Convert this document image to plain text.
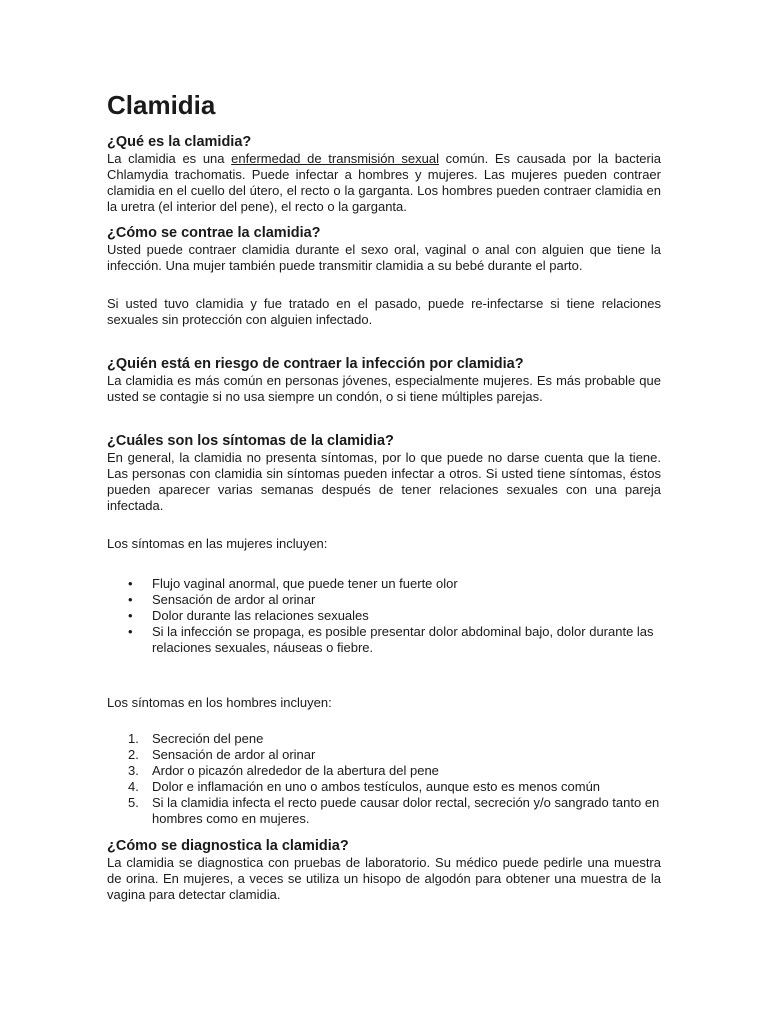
Clamidia
¿Qué es la clamidia?

La clamidia es una enfermedad de transmisión sexual común. Es causada por la bacteria Chlamydia trachomatis. Puede infectar a hombres y mujeres. Las mujeres pueden contraer clamidia en el cuello del útero, el recto o la garganta. Los hombres pueden contraer clamidia en la uretra (el interior del pene), el recto o la garganta.

¿Cómo se contrae la clamidia?

Usted puede contraer clamidia durante el sexo oral, vaginal o anal con alguien que tiene la infección. Una mujer también puede transmitir clamidia a su bebé durante el parto.

Si usted tuvo clamidia y fue tratado en el pasado, puede re-infectarse si tiene relaciones sexuales sin protección con alguien infectado.

¿Quién está en riesgo de contraer la infección por clamidia?

La clamidia es más común en personas jóvenes, especialmente mujeres. Es más probable que usted se contagie si no usa siempre un condón, o si tiene múltiples parejas.

¿Cuáles son los síntomas de la clamidia?

En general, la clamidia no presenta síntomas, por lo que puede no darse cuenta que la tiene. Las personas con clamidia sin síntomas pueden infectar a otros. Si usted tiene síntomas, éstos pueden aparecer varias semanas después de tener relaciones sexuales con una pareja infectada.

Los síntomas en las mujeres incluyen:

• Flujo vaginal anormal, que puede tener un fuerte olor
• Sensación de ardor al orinar
• Dolor durante las relaciones sexuales
• Si la infección se propaga, es posible presentar dolor abdominal bajo, dolor durante las relaciones sexuales, náuseas o fiebre.

Los síntomas en los hombres incluyen:

1. Secreción del pene
2. Sensación de ardor al orinar
3. Ardor o picazón alrededor de la abertura del pene
4. Dolor e inflamación en uno o ambos testículos, aunque esto es menos común
5. Si la clamidia infecta el recto puede causar dolor rectal, secreción y/o sangrado tanto en hombres como en mujeres.
¿Cómo se diagnostica la clamidia?

La clamidia se diagnostica con pruebas de laboratorio. Su médico puede pedirle una muestra de orina. En mujeres, a veces se utiliza un hisopo de algodón para obtener una muestra de la vagina para detectar clamidia.
